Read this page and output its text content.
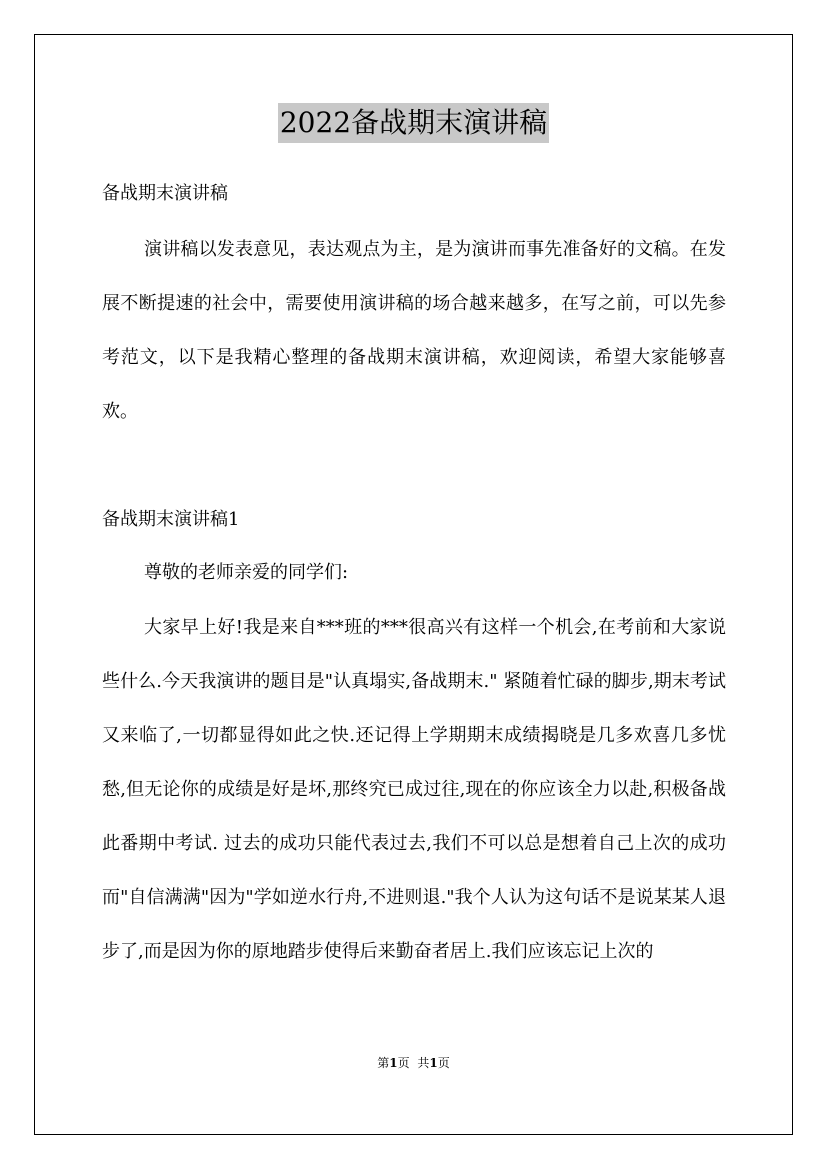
2022备战期末演讲稿
备战期末演讲稿
演讲稿以发表意见，表达观点为主，是为演讲而事先准备好的文稿。在发展不断提速的社会中，需要使用演讲稿的场合越来越多，在写之前，可以先参考范文，以下是我精心整理的备战期末演讲稿，欢迎阅读，希望大家能够喜欢。
备战期末演讲稿1
尊敬的老师亲爱的同学们:
大家早上好!我是来自***班的***很高兴有这样一个机会,在考前和大家说些什么.今天我演讲的题目是"认真塌实,备战期末." 紧随着忙碌的脚步,期末考试又来临了,一切都显得如此之快.还记得上学期期末成绩揭晓是几多欢喜几多忧愁,但无论你的成绩是好是坏,那终究已成过往,现在的你应该全力以赴,积极备战此番期中考试. 过去的成功只能代表过去,我们不可以总是想着自己上次的成功而"自信满满"因为"学如逆水行舟,不进则退."我个人认为这句话不是说某某人退步了,而是因为你的原地踏步使得后来勤奋者居上.我们应该忘记上次的
第1页 共1页
